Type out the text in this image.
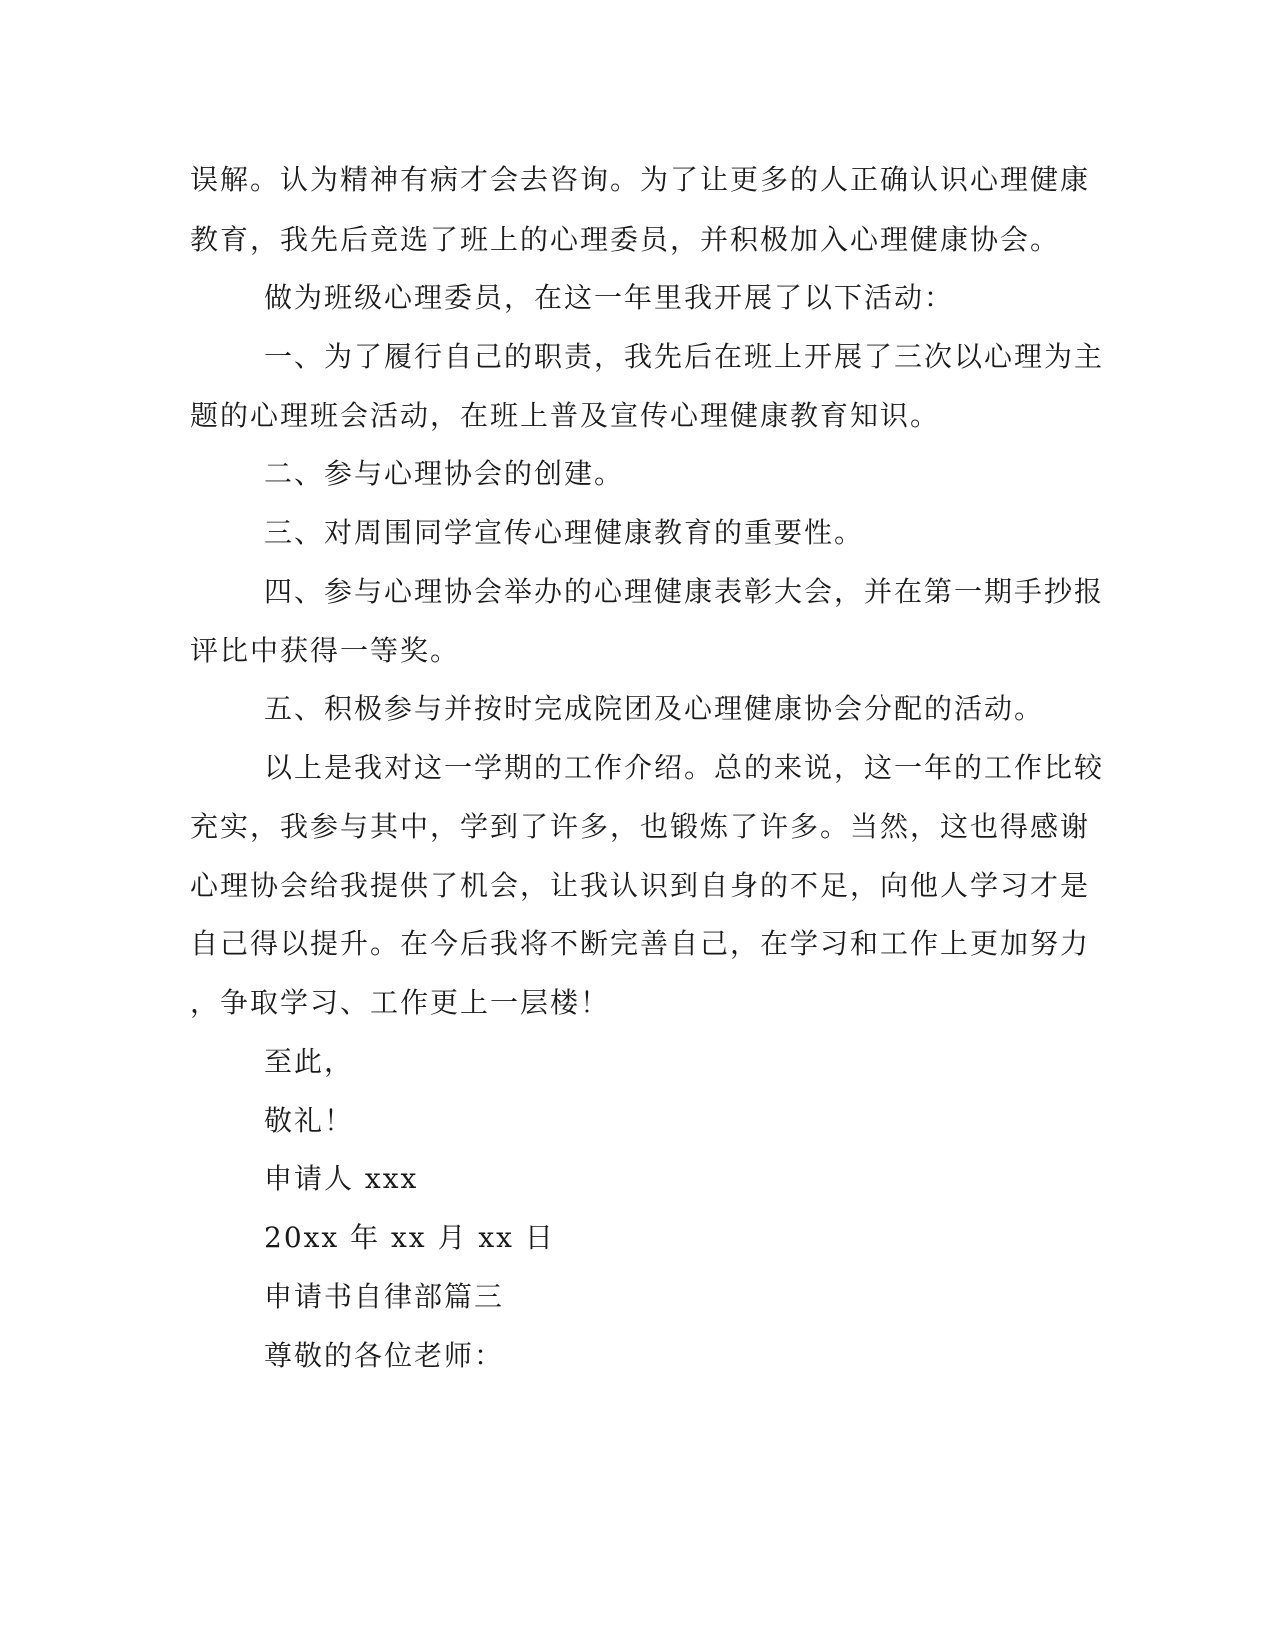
误解。认为精神有病才会去咨询。为了让更多的人正确认识心理健康
教育，我先后竞选了班上的心理委员，并积极加入心理健康协会。
做为班级心理委员，在这一年里我开展了以下活动：
一、为了履行自己的职责，我先后在班上开展了三次以心理为主
题的心理班会活动，在班上普及宣传心理健康教育知识。
二、参与心理协会的创建。
三、对周围同学宣传心理健康教育的重要性。
四、参与心理协会举办的心理健康表彰大会，并在第一期手抄报
评比中获得一等奖。
五、积极参与并按时完成院团及心理健康协会分配的活动。
以上是我对这一学期的工作介绍。总的来说，这一年的工作比较
充实，我参与其中，学到了许多，也锻炼了许多。当然，这也得感谢
心理协会给我提供了机会，让我认识到自身的不足，向他人学习才是
自己得以提升。在今后我将不断完善自己，在学习和工作上更加努力
，争取学习、工作更上一层楼！
至此，
敬礼！
申请人 xxx
20xx 年 xx 月 xx 日
申请书自律部篇三
尊敬的各位老师：
